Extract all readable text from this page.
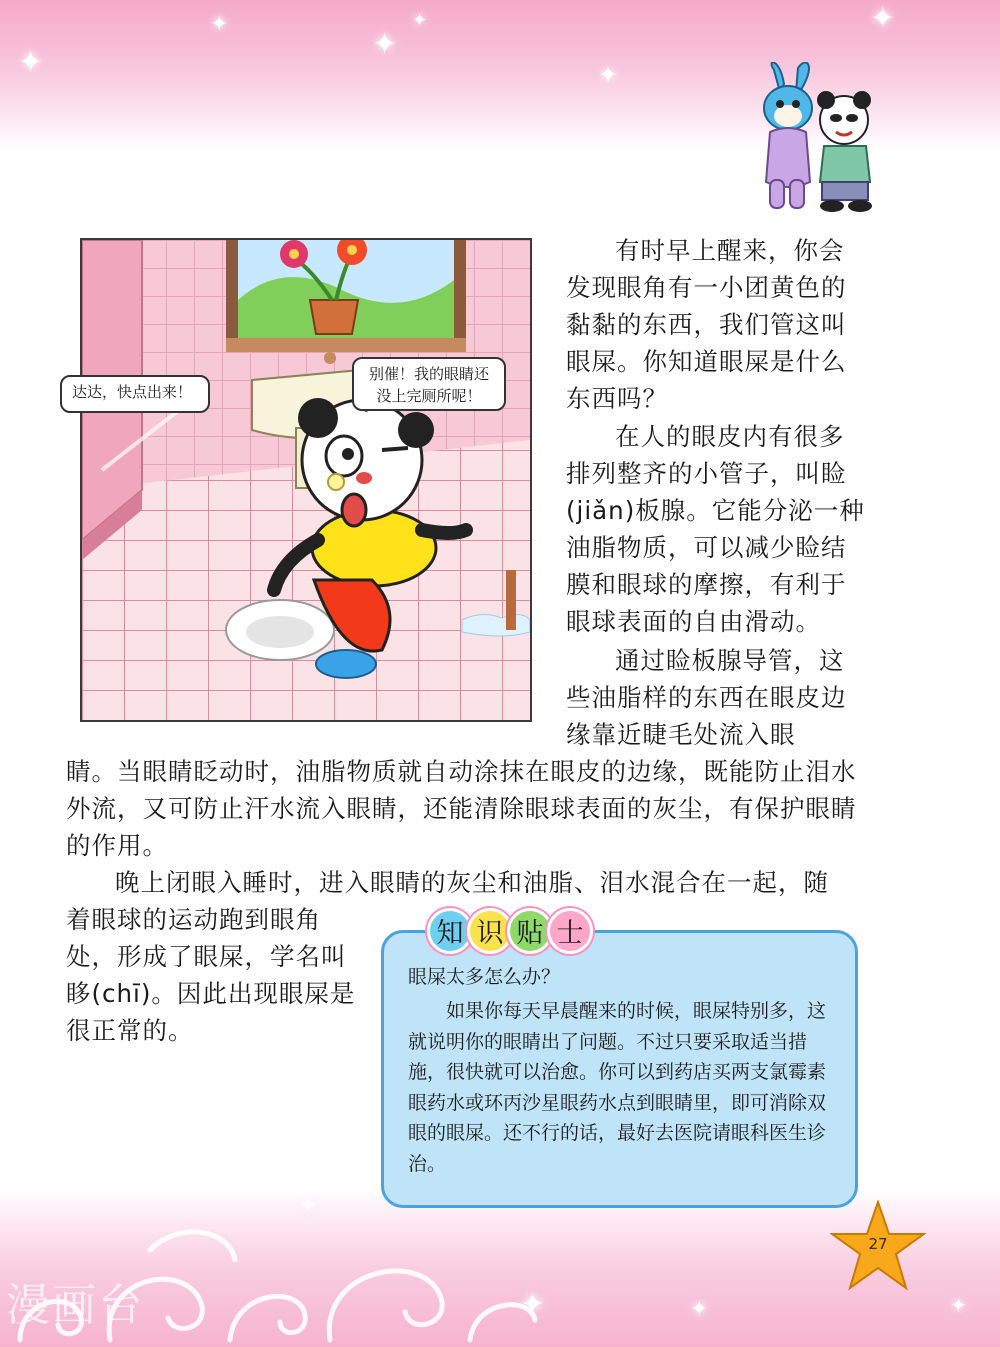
✦
✦
✦
✦
✦
✦
✦
✦	✦	✦
达达，快点出来！
别催！我的眼睛还
没上完厕所呢！

有时早上醒来，你会发现眼角有一小团黄色的黏黏的东西，我们管这叫眼屎。你知道眼屎是什么东西吗？

在人的眼皮内有很多排列整齐的小管子，叫睑(jiǎn)板腺。它能分泌一种油脂物质，可以减少睑结膜和眼球的摩擦，有利于眼球表面的自由滑动。

通过睑板腺导管，这些油脂样的东西在眼皮边缘靠近睫毛处流入眼

睛。当眼睛眨动时，油脂物质就自动涂抹在眼皮的边缘，既能防止泪水外流，又可防止汗水流入眼睛，还能清除眼球表面的灰尘，有保护眼睛的作用。

晚上闭眼入睡时，进入眼睛的灰尘和油脂、泪水混合在一起，随

着眼球的运动跑到眼角处，形成了眼屎，学名叫眵(chī)。因此出现眼屎是很正常的。

知 识 贴 士

眼屎太多怎么办？

如果你每天早晨醒来的时候，眼屎特别多，这就说明你的眼睛出了问题。不过只要采取适当措施，很快就可以治愈。你可以到药店买两支氯霉素眼药水或环丙沙星眼药水点到眼睛里，即可消除双眼的眼屎。还不行的话，最好去医院请眼科医生诊治。

27
漫画台
